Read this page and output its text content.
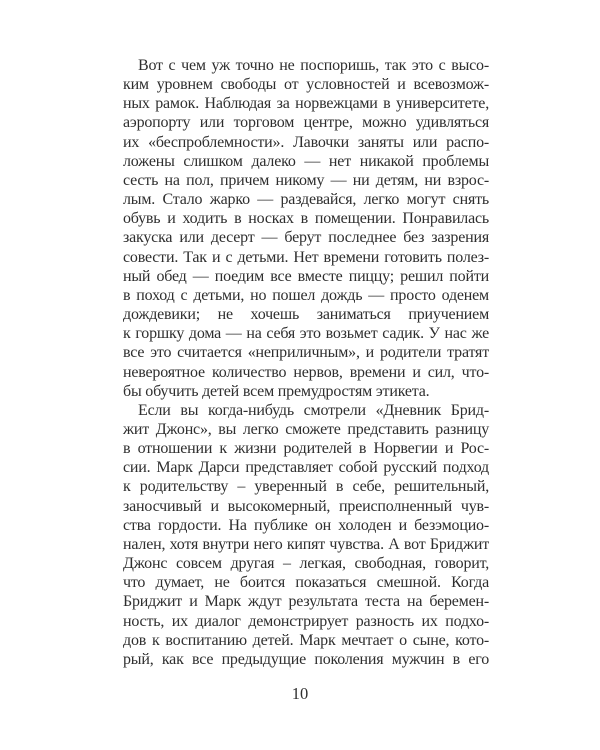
Вот с чем уж точно не поспоришь, так это с высо-
ким уровнем свободы от условностей и всевозмож-
ных рамок. Наблюдая за норвежцами в университете,
аэропорту или торговом центре, можно удивляться
их «беспроблемности». Лавочки заняты или распо-
ложены слишком далеко — нет никакой проблемы
сесть на пол, причем никому — ни детям, ни взрос-
лым. Стало жарко — раздевайся, легко могут снять
обувь и ходить в носках в помещении. Понравилась
закуска или десерт — берут последнее без зазрения
совести. Так и с детьми. Нет времени готовить полез-
ный обед — поедим все вместе пиццу; решил пойти
в поход с детьми, но пошел дождь — просто оденем
дождевики; не хочешь заниматься приучением
к горшку дома — на себя это возьмет садик. У нас же
все это считается «неприличным», и родители тратят
невероятное количество нервов, времени и сил, что-
бы обучить детей всем премудростям этикета.
Если вы когда-нибудь смотрели «Дневник Брид-
жит Джонс», вы легко сможете представить разницу
в отношении к жизни родителей в Норвегии и Рос-
сии. Марк Дарси представляет собой русский подход
к родительству – уверенный в себе, решительный,
заносчивый и высокомерный, преисполненный чув-
ства гордости. На публике он холоден и безэмоцио-
нален, хотя внутри него кипят чувства. А вот Бриджит
Джонс совсем другая – легкая, свободная, говорит,
что думает, не боится показаться смешной. Когда
Бриджит и Марк ждут результата теста на беремен-
ность, их диалог демонстрирует разность их подхо-
дов к воспитанию детей. Марк мечтает о сыне, кото-
рый, как все предыдущие поколения мужчин в его
10
